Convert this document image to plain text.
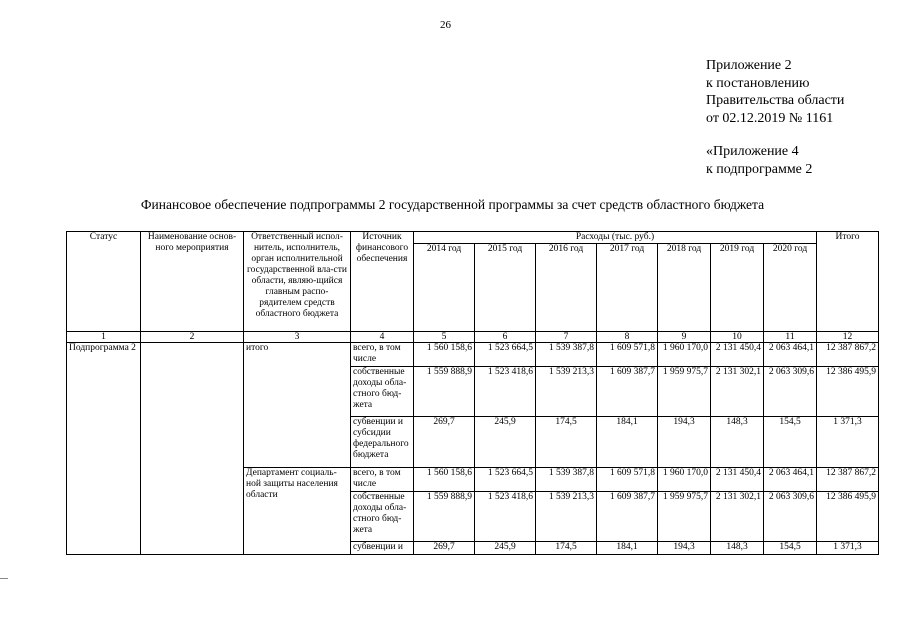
26
Приложение 2
к постановлению
Правительства области
от 02.12.2019 № 1161
«Приложение 4
к подпрограмме 2
Финансовое обеспечение подпрограммы 2 государственной программы за счет средств областного бюджета
Статус	Наименование основ-ного мероприятия	Ответственный испол-нитель, исполнитель, орган исполнительной государственной вла-сти области, являю-щийся главным распо-рядителем средств областного бюджета	Источник финансового обеспечения	Расходы (тыс. руб.)							Итого
				2014 год	2015 год	2016 год	2017 год	2018 год	2019 год	2020 год	
1	2	3	4	5	6	7	8	9	10	11	12
Подпрограмма 2		итого	всего, в том числе	1 560 158,6	1 523 664,5	1 539 387,8	1 609 571,8	1 960 170,0	2 131 450,4	2 063 464,1	12 387 867,2
			собственные доходы обла-стного бюд-жета	1 559 888,9	1 523 418,6	1 539 213,3	1 609 387,7	1 959 975,7	2 131 302,1	2 063 309,6	12 386 495,9
			субвенции и субсидии федерального бюджета	269,7	245,9	174,5	184,1	194,3	148,3	154,5	1 371,3
		Департамент социаль-ной защиты населения области	всего, в том числе	1 560 158,6	1 523 664,5	1 539 387,8	1 609 571,8	1 960 170,0	2 131 450,4	2 063 464,1	12 387 867,2
			собственные доходы обла-стного бюд-жета	1 559 888,9	1 523 418,6	1 539 213,3	1 609 387,7	1 959 975,7	2 131 302,1	2 063 309,6	12 386 495,9
			субвенции и	269,7	245,9	174,5	184,1	194,3	148,3	154,5	1 371,3
